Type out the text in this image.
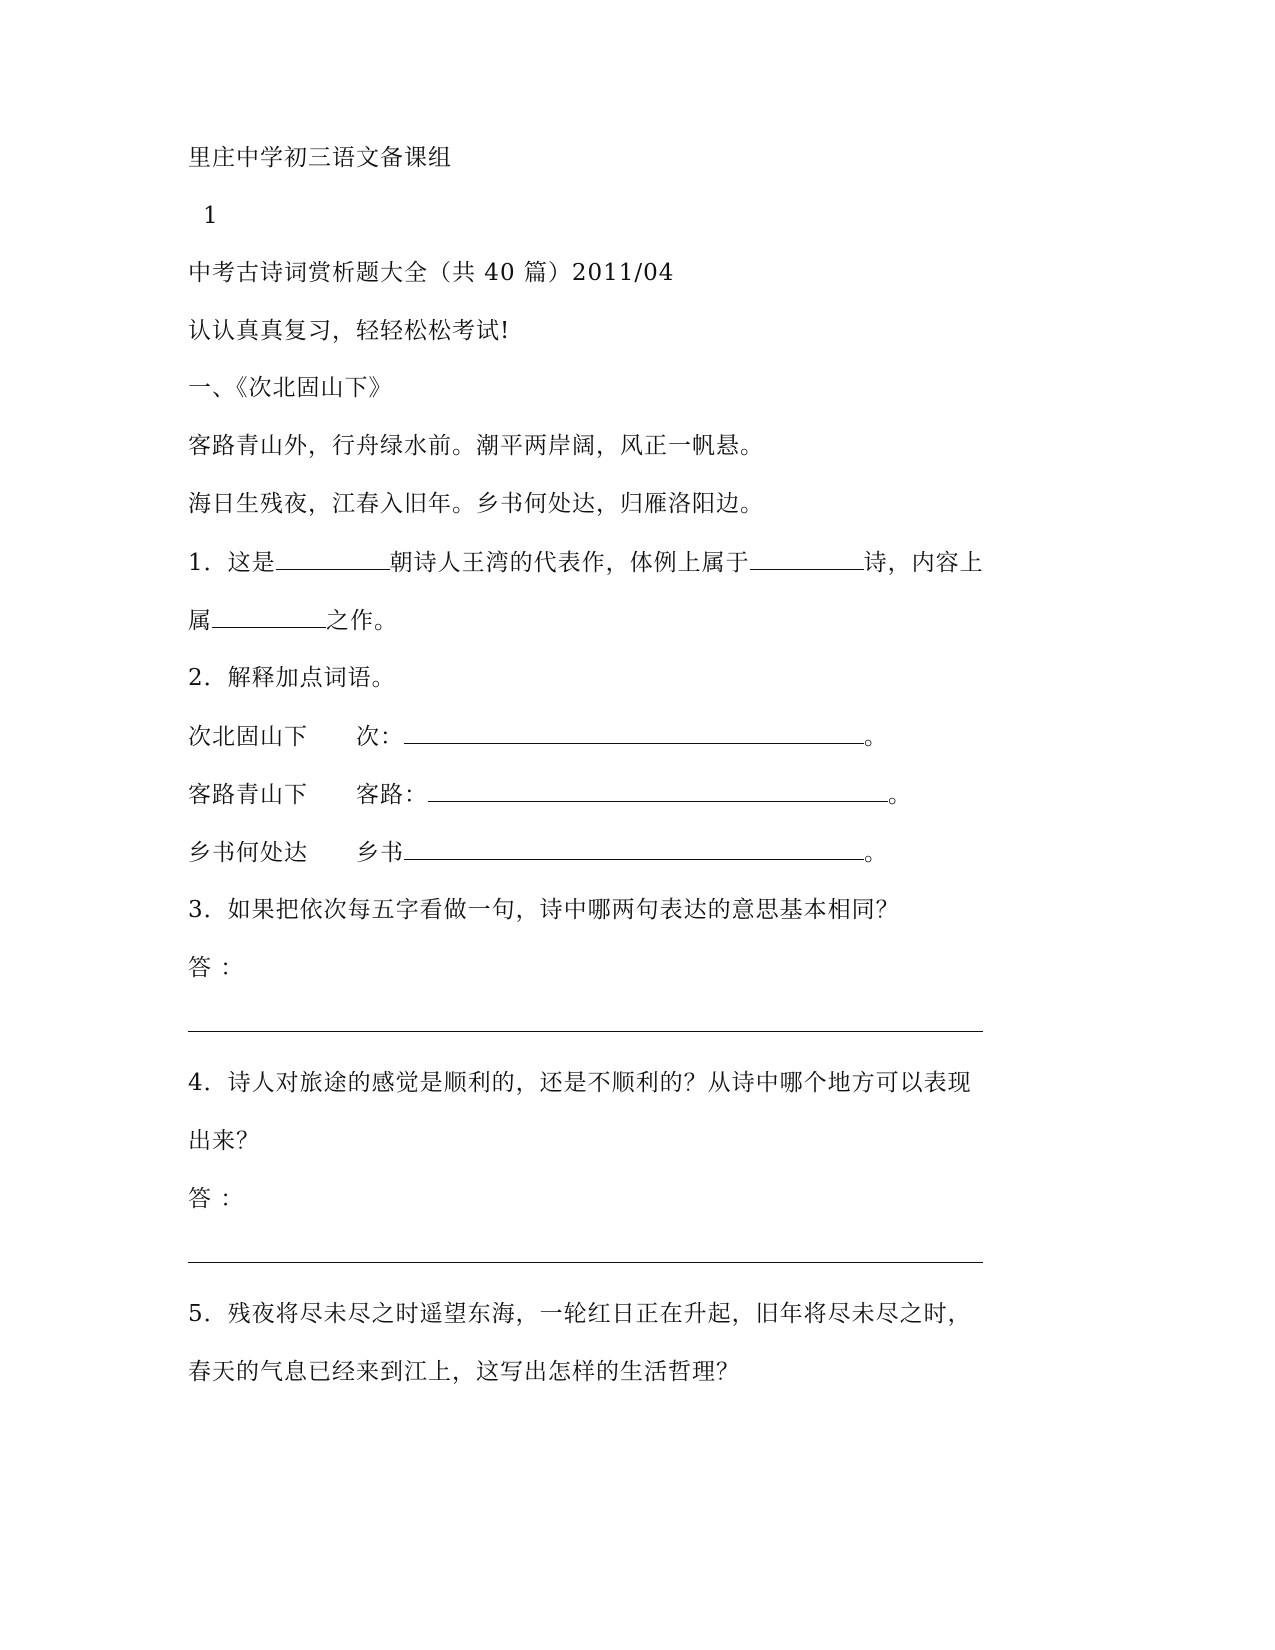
里庄中学初三语文备课组
1
中考古诗词赏析题大全（共 40 篇）2011/04
认认真真复习，轻轻松松考试!
一、《次北固山下》
客路青山外，行舟绿水前。潮平两岸阔，风正一帆悬。
海日生残夜，江春入旧年。乡书何处达，归雁洛阳边。
1．这是	朝诗人王湾的代表作，体例上属于	诗，内容上
属	之作。
2．解释加点词语。
次北固山下 次：	。
客路青山下 客路：	。
乡书何处达 乡书	。
3．如果把依次每五字看做一句，诗中哪两句表达的意思基本相同？
答 ：
4．诗人对旅途的感觉是顺利的，还是不顺利的？从诗中哪个地方可以表现
出来？
答 ：
5．残夜将尽未尽之时遥望东海，一轮红日正在升起，旧年将尽未尽之时，
春天的气息已经来到江上，这写出怎样的生活哲理？
